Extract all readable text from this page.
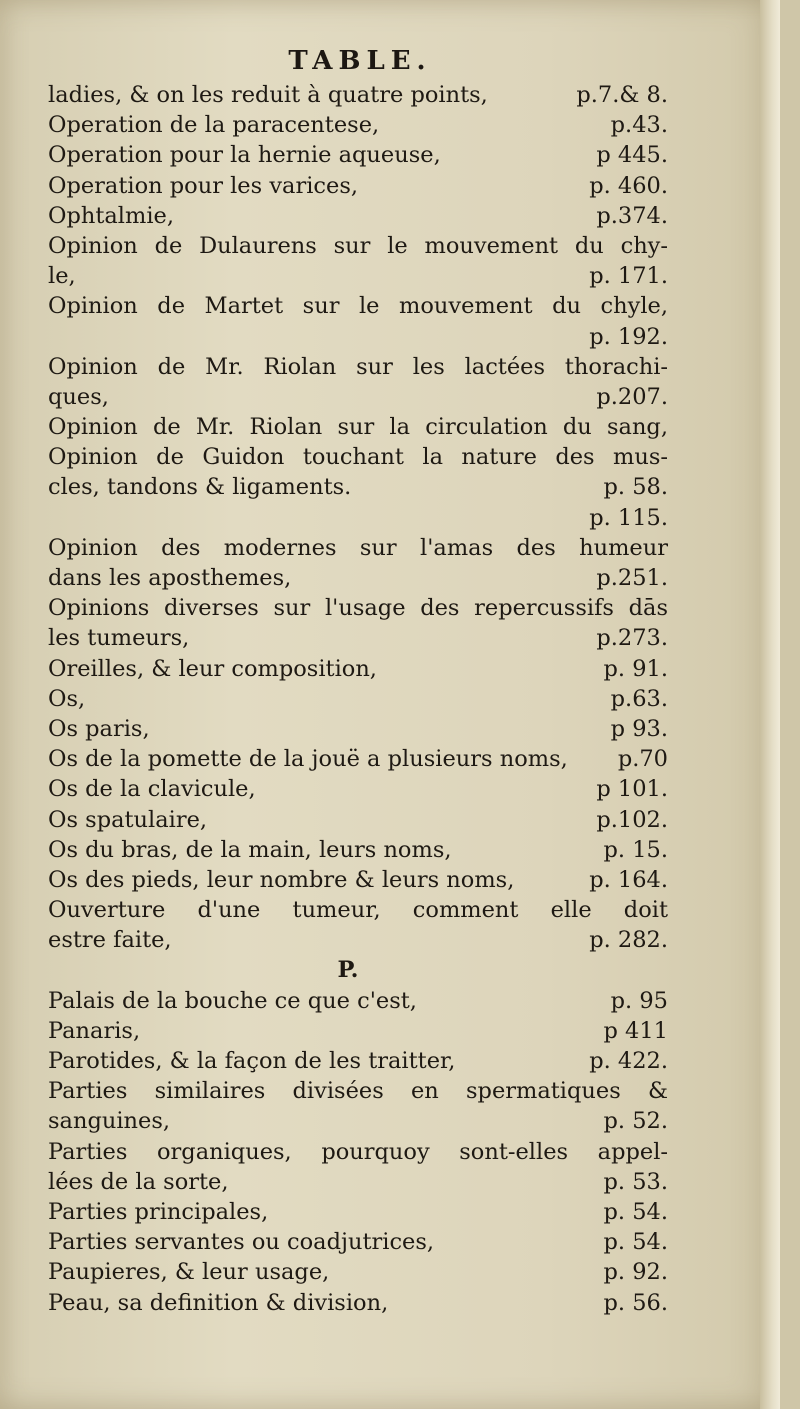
TABLE.
ladies, & on les reduit à quatre points,	p.7.& 8.
Operation de la paracentese,	p.43.
Operation pour la hernie aqueuse,	p 445.
Operation pour les varices,	p. 460.
Ophtalmie,	p.374.
Opinion de Dulaurens sur le mouvement du chy-
le,	p. 171.
Opinion de Martet sur le mouvement du chyle,
p. 192.
Opinion de Mr. Riolan sur les lactées thorachi-
ques,	p.207.
Opinion de Mr. Riolan sur la circulation du sang,
Opinion de Guidon touchant la nature des mus-
cles, tandons & ligaments.	p. 58.
p. 115.
Opinion des modernes sur l'amas des humeur
dans les aposthemes,	p.251.
Opinions diverses sur l'usage des repercussifs dās
les tumeurs,	p.273.
Oreilles, & leur composition,	p. 91.
Os,	p.63.
Os paris,	p 93.
Os de la pomette de la jouë a plusieurs noms, p.70
Os de la clavicule,	p 101.
Os spatulaire,	p.102.
Os du bras, de la main, leurs noms,	p. 15.
Os des pieds, leur nombre & leurs noms,	p. 164.
Ouverture d'une tumeur, comment elle doit
estre faite,	p. 282.
P.
Palais de la bouche ce que c'est,	p. 95
Panaris,	p 411
Parotides, & la façon de les traitter,	p. 422.
Parties similaires divisées en spermatiques &
sanguines,	p. 52.
Parties organiques, pourquoy sont-elles appel-
lées de la sorte,	p. 53.
Parties principales,	p. 54.
Parties servantes ou coadjutrices,	p. 54.
Paupieres, & leur usage,	p. 92.
Peau, sa definition & division,	p. 56.
